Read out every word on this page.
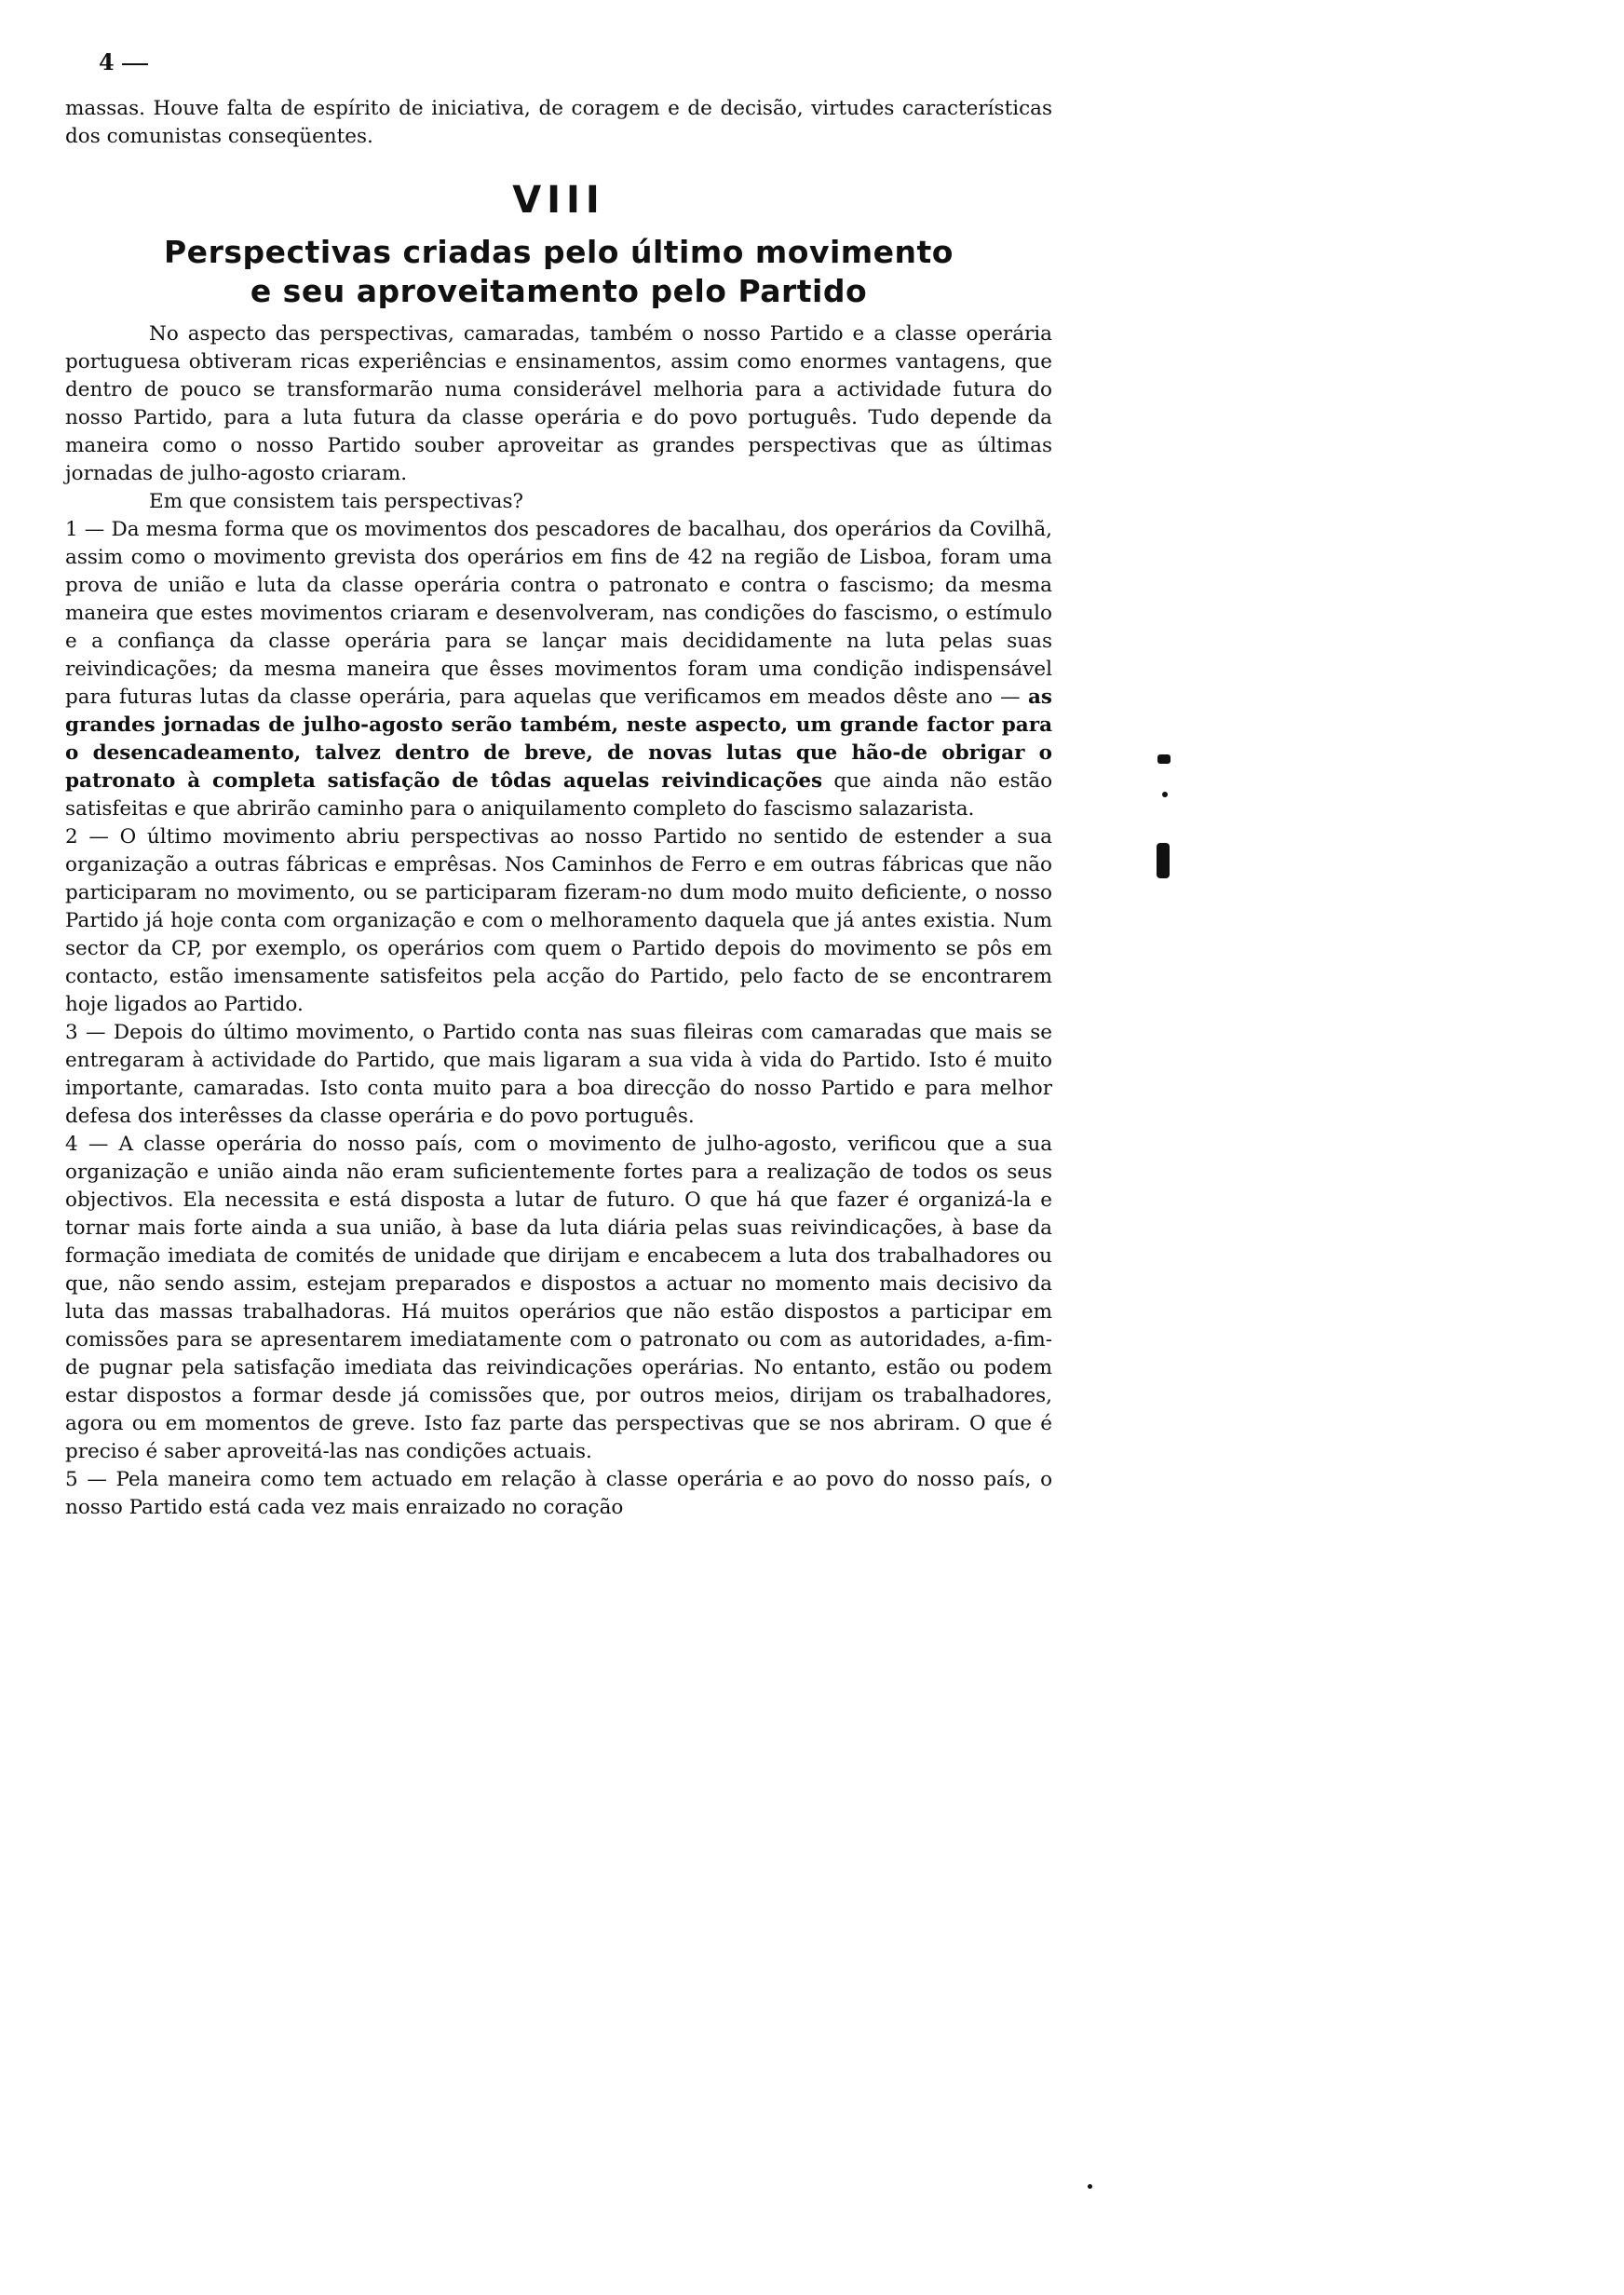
4

massas. Houve falta de espírito de iniciativa, de coragem e de decisão, virtudes características dos comunistas conseqüentes.

VIII
Perspectivas criadas pelo último movimento
e seu aproveitamento pelo Partido

No aspecto das perspectivas, camaradas, também o nosso Partido e a classe operária portuguesa obtiveram ricas experiências e ensinamentos, assim como enormes vantagens, que dentro de pouco se transformarão numa considerável melhoria para a actividade futura do nosso Partido, para a luta futura da classe operária e do povo português. Tudo depende da maneira como o nosso Partido souber aproveitar as grandes perspectivas que as últimas jornadas de julho-agosto criaram.

Em que consistem tais perspectivas?

1 — Da mesma forma que os movimentos dos pescadores de bacalhau, dos operários da Covilhã, assim como o movimento grevista dos operários em fins de 42 na região de Lisboa, foram uma prova de união e luta da classe operária contra o patronato e contra o fascismo; da mesma maneira que estes movimentos criaram e desenvolveram, nas condições do fascismo, o estímulo e a confiança da classe operária para se lançar mais decididamente na luta pelas suas reivindicações; da mesma maneira que êsses movimentos foram uma condição indispensável para futuras lutas da classe operária, para aquelas que verificamos em meados dêste ano — as grandes jornadas de julho-agosto serão também, neste aspecto, um grande factor para o desencadeamento, talvez dentro de breve, de novas lutas que hão-de obrigar o patronato à completa satisfação de tôdas aquelas reivindicações que ainda não estão satisfeitas e que abrirão caminho para o aniquilamento completo do fascismo salazarista.

2 — O último movimento abriu perspectivas ao nosso Partido no sentido de estender a sua organização a outras fábricas e emprêsas. Nos Caminhos de Ferro e em outras fábricas que não participaram no movimento, ou se participaram fizeram-no dum modo muito deficiente, o nosso Partido já hoje conta com organização e com o melhoramento daquela que já antes existia. Num sector da CP, por exemplo, os operários com quem o Partido depois do movimento se pôs em contacto, estão imensamente satisfeitos pela acção do Partido, pelo facto de se encontrarem hoje ligados ao Partido.

3 — Depois do último movimento, o Partido conta nas suas fileiras com camaradas que mais se entregaram à actividade do Partido, que mais ligaram a sua vida à vida do Partido. Isto é muito importante, camaradas. Isto conta muito para a boa direcção do nosso Partido e para melhor defesa dos interêsses da classe operária e do povo português.

4 — A classe operária do nosso país, com o movimento de julho-agosto, verificou que a sua organização e união ainda não eram suficientemente fortes para a realização de todos os seus objectivos. Ela necessita e está disposta a lutar de futuro. O que há que fazer é organizá-la e tornar mais forte ainda a sua união, à base da luta diária pelas suas reivindicações, à base da formação imediata de comités de unidade que dirijam e encabecem a luta dos trabalhadores ou que, não sendo assim, estejam preparados e dispostos a actuar no momento mais decisivo da luta das massas trabalhadoras. Há muitos operários que não estão dispostos a participar em comissões para se apresentarem imediatamente com o patronato ou com as autoridades, a-fim-de pugnar pela satisfação imediata das reivindicações operárias. No entanto, estão ou podem estar dispostos a formar desde já comissões que, por outros meios, dirijam os trabalhadores, agora ou em momentos de greve. Isto faz parte das perspectivas que se nos abriram. O que é preciso é saber aproveitá-las nas condições actuais.

5 — Pela maneira como tem actuado em relação à classe operária e ao povo do nosso país, o nosso Partido está cada vez mais enraizado no coração
